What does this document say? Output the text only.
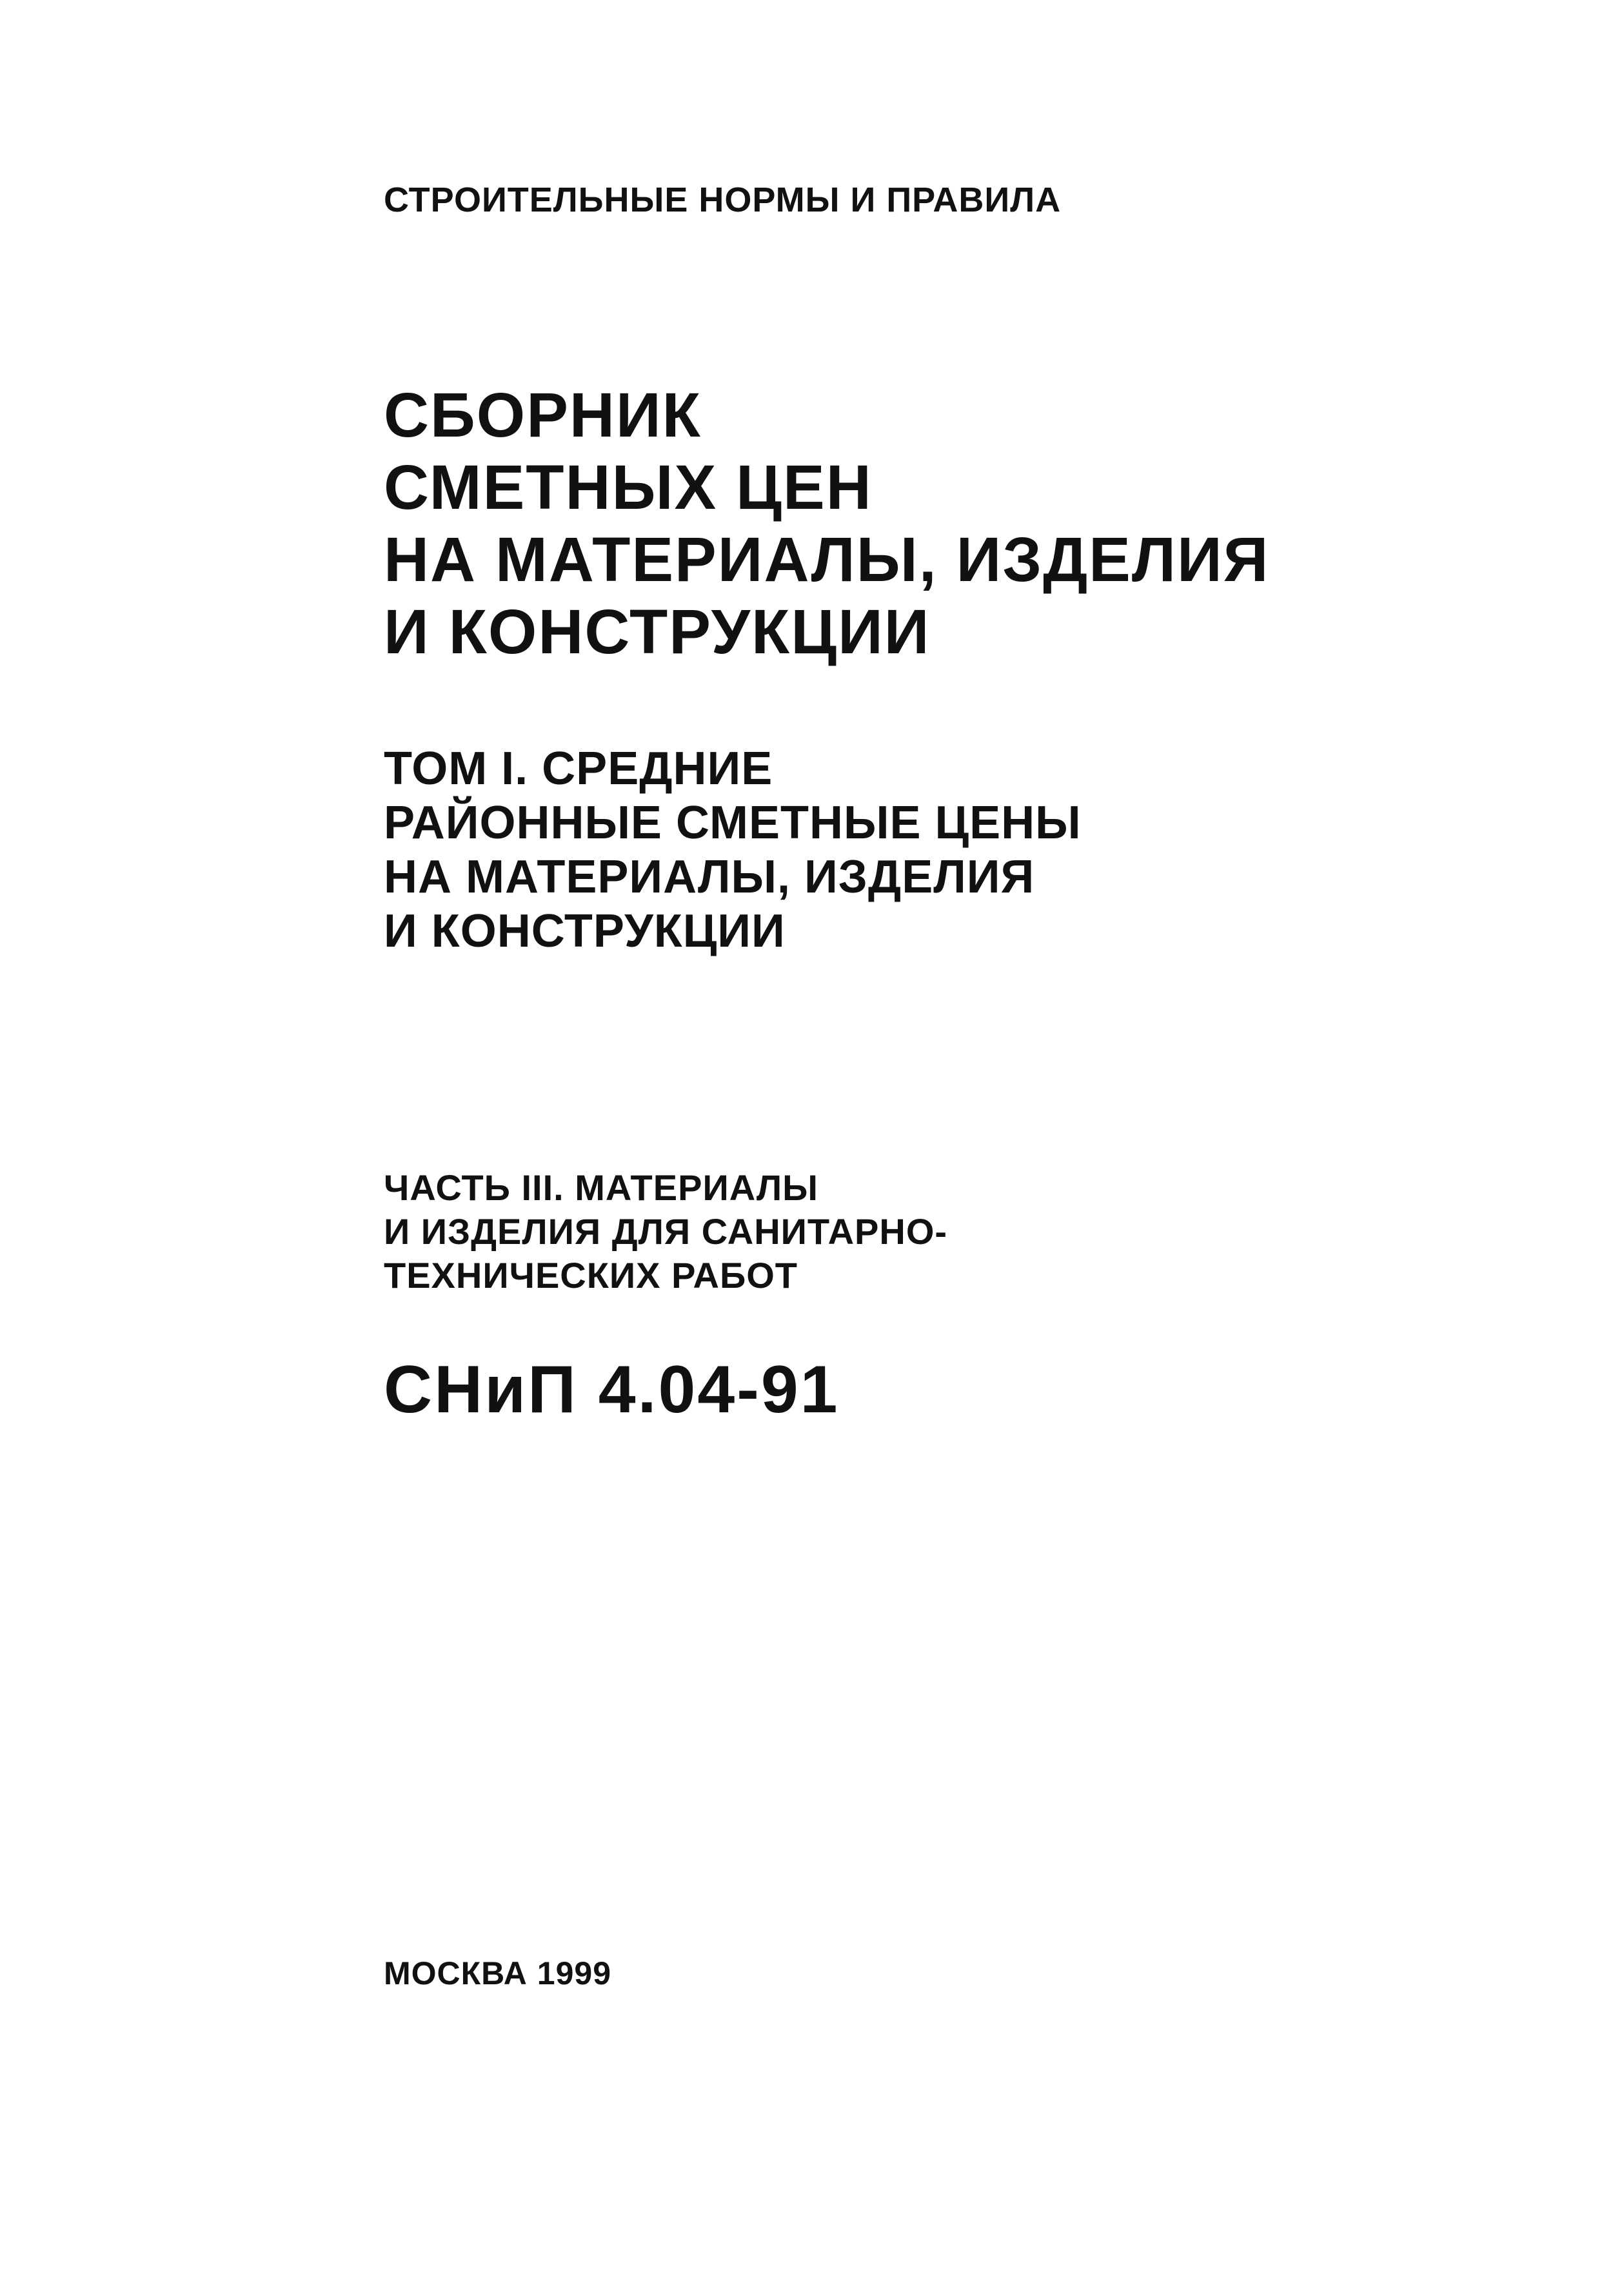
СТРОИТЕЛЬНЫЕ НОРМЫ И ПРАВИЛА
СБОРНИК
СМЕТНЫХ ЦЕН
НА МАТЕРИАЛЫ, ИЗДЕЛИЯ
И КОНСТРУКЦИИ
ТОМ I. СРЕДНИЕ
РАЙОННЫЕ СМЕТНЫЕ ЦЕНЫ
НА МАТЕРИАЛЫ, ИЗДЕЛИЯ
И КОНСТРУКЦИИ
ЧАСТЬ III. МАТЕРИАЛЫ
И ИЗДЕЛИЯ ДЛЯ САНИТАРНО-
ТЕХНИЧЕСКИХ РАБОТ
СНиП 4.04-91
МОСКВА 1999
